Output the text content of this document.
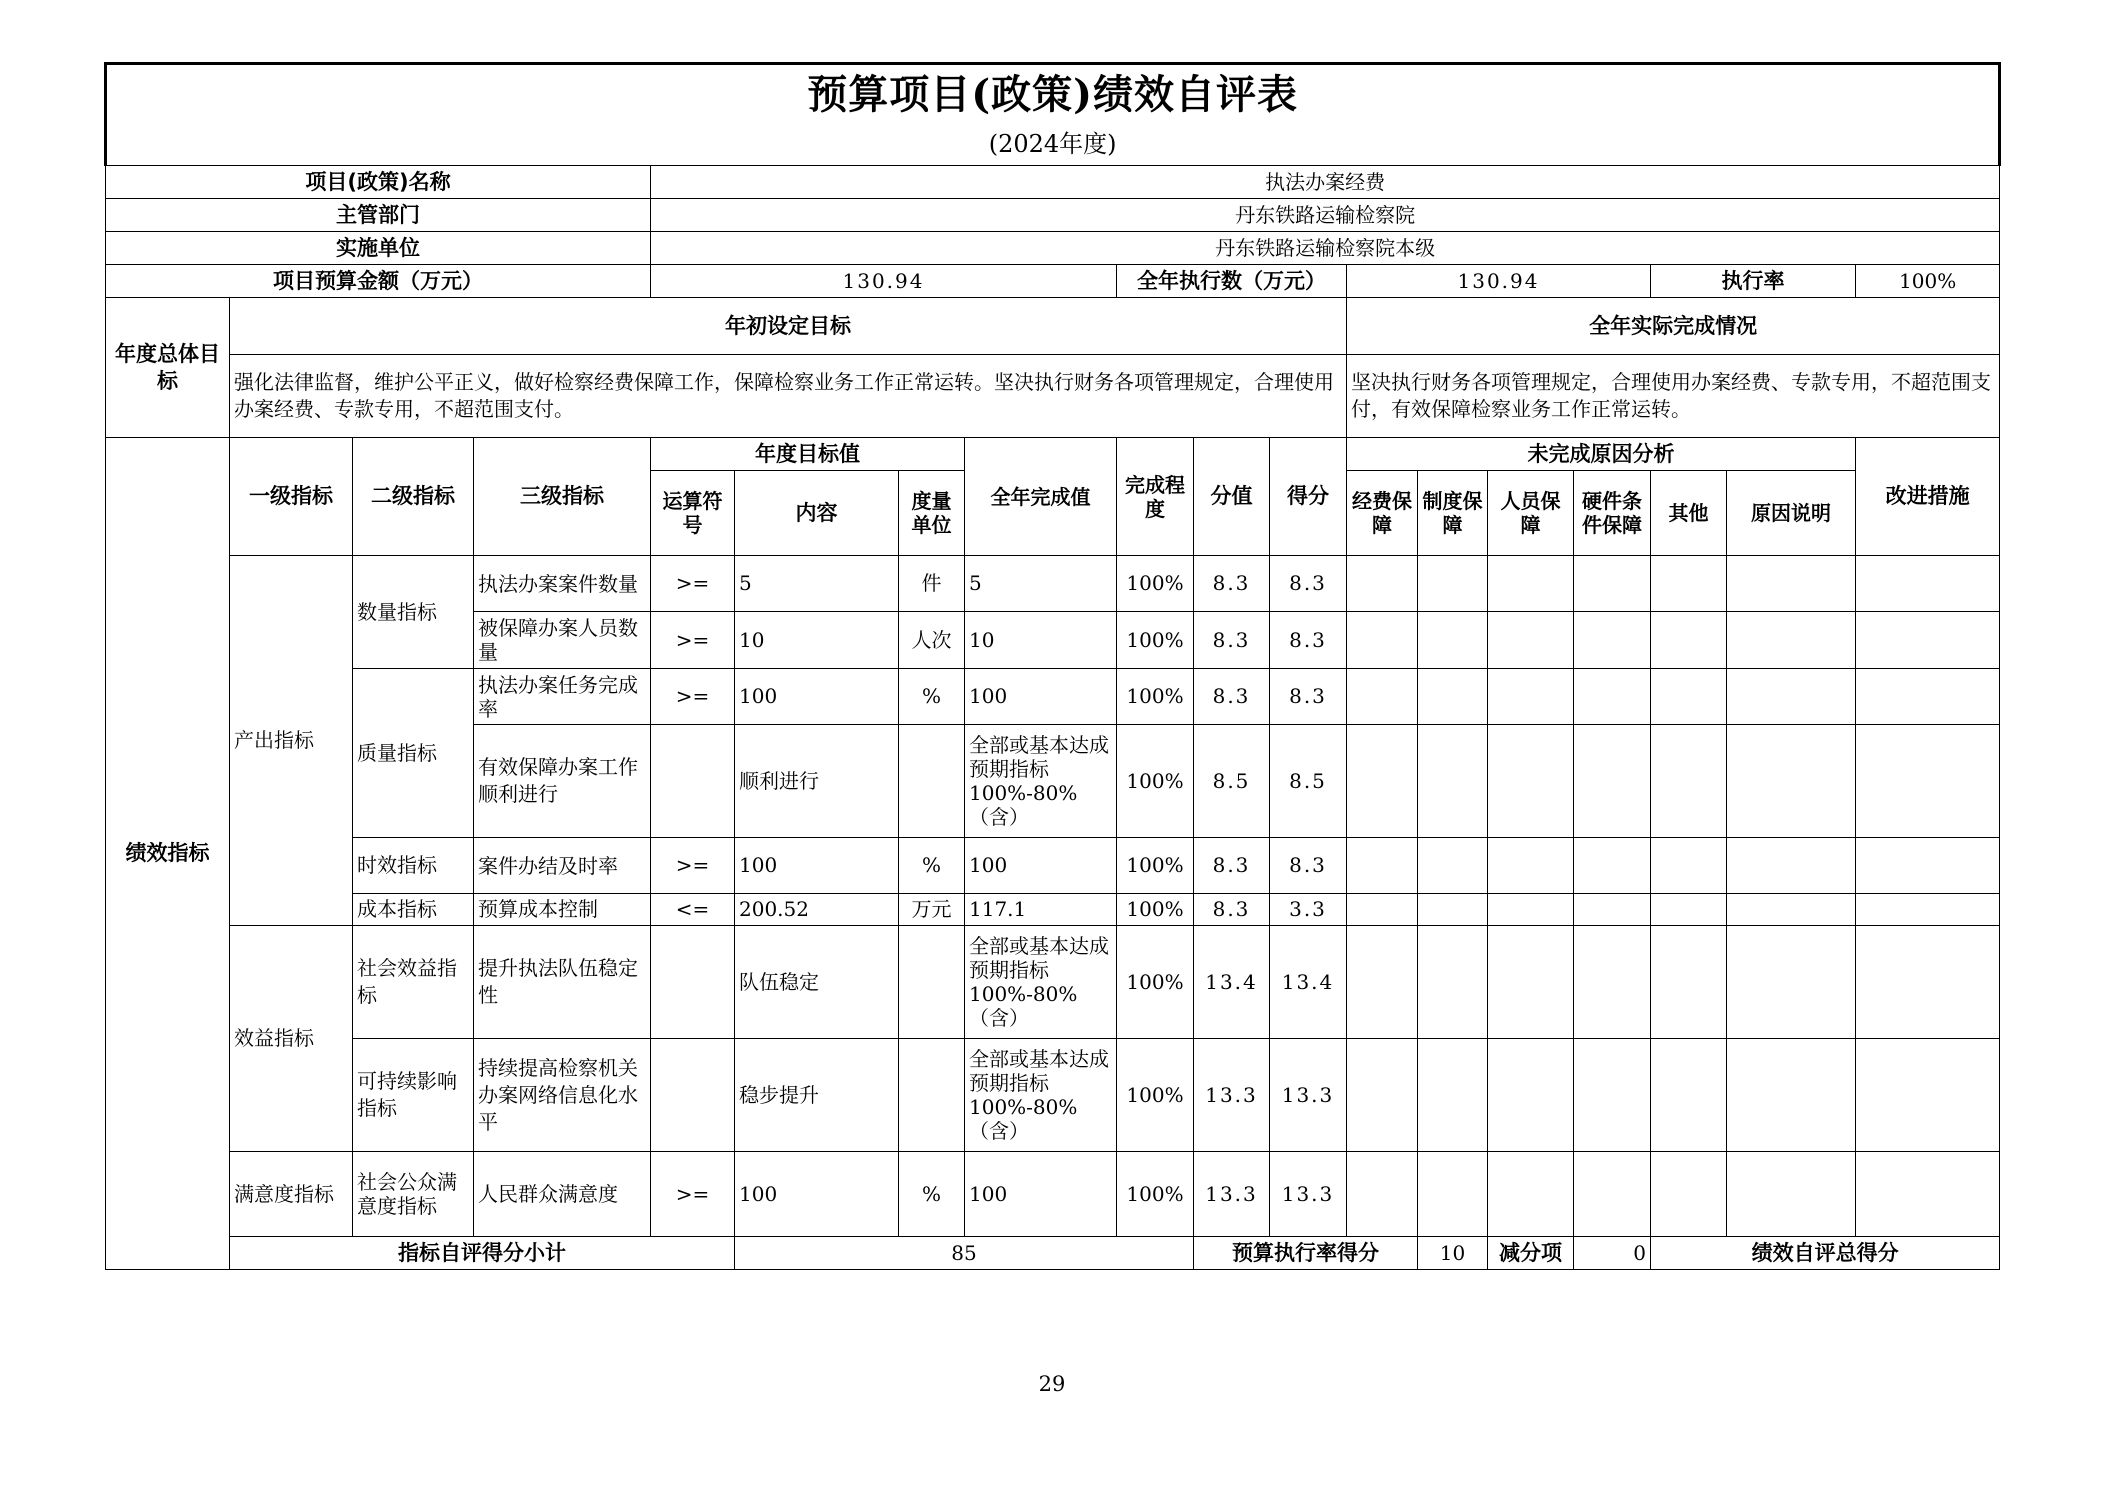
预算项目(政策)绩效自评表
(2024年度)																		

项目(政策)名称				执法办案经费														
主管部门				丹东铁路运输检察院														
实施单位				丹东铁路运输检察院本级														
项目预算金额（万元）				130.94				全年执行数（万元）			130.94				执行率		100%	
年度总体目标	年初设定目标										全年实际完成情况							
	强化法律监督，维护公平正义，做好检察经费保障工作，保障检察业务工作正常运转。坚决执行财务各项管理规定，合理使用办案经费、专款专用，不超范围支付。										坚决执行财务各项管理规定，合理使用办案经费、专款专用，不超范围支付，有效保障检察业务工作正常运转。							
绩效指标	一级指标	二级指标	三级指标	年度目标值			全年完成值	完成程度	分值	得分	未完成原因分析						改进措施	
				运算符号	内容	度量单位					经费保障	制度保障	人员保障	硬件条件保障	其他	原因说明		
	产出指标	数量指标	执法办案案件数量	>=	5	件	5	100%	8.3	8.3								
			被保障办案人员数量	>=	10	人次	10	100%	8.3	8.3								
		质量指标	执法办案任务完成率	>=	100	%	100	100%	8.3	8.3								
			有效保障办案工作顺利进行		顺利进行		全部或基本达成预期指标100%-80%（含）	100%	8.5	8.5								
		时效指标	案件办结及时率	>=	100	%	100	100%	8.3	8.3								
		成本指标	预算成本控制	<=	200.52	万元	117.1	100%	8.3	3.3								
	效益指标	社会效益指标	提升执法队伍稳定性		队伍稳定		全部或基本达成预期指标100%-80%（含）	100%	13.4	13.4								
		可持续影响指标	持续提高检察机关办案网络信息化水平		稳步提升		全部或基本达成预期指标100%-80%（含）	100%	13.3	13.3								
	满意度指标	社会公众满意度指标	人民群众满意度	>=	100	%	100	100%	13.3	13.3								
	指标自评得分小计				85				预算执行率得分			10	减分项	0	绩效自评总得分	
29
